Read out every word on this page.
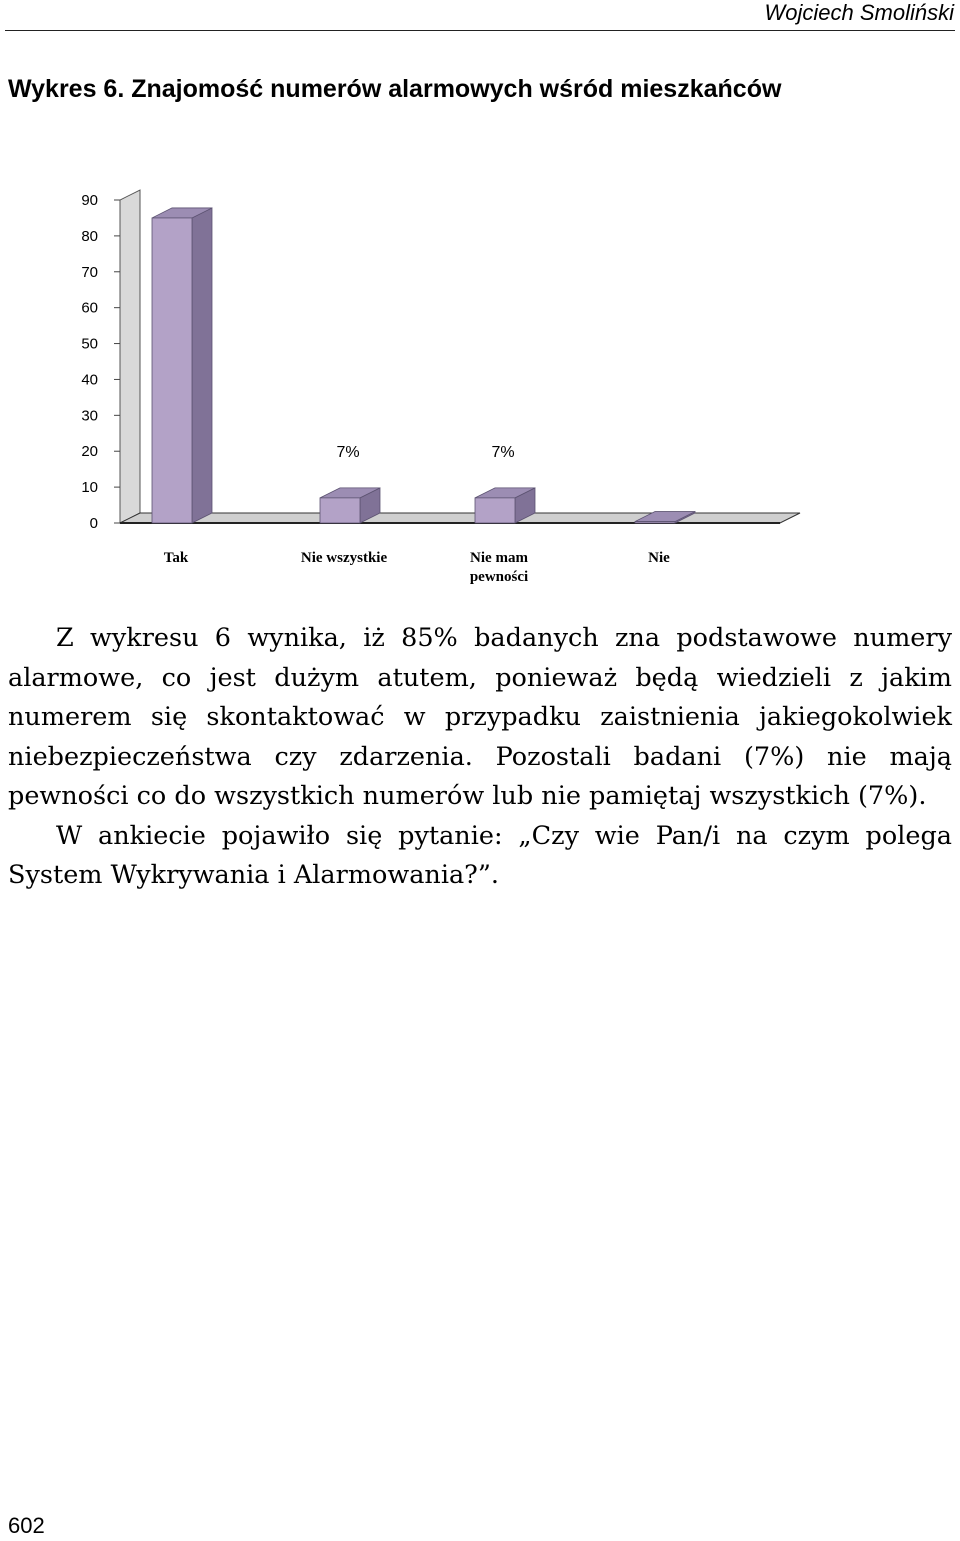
Wojciech Smoliński
Wykres 6. Znajomość numerów alarmowych wśród mieszkańców
0
10
20
30
40
50
60
70
80
90
7%	7%
Tak	Nie wszystkie	Nie mam pewności
Nie

Z wykresu 6 wynika, iż 85% badanych zna podstawowe numery alarmowe, co jest dużym atutem, ponieważ będą wiedzieli z jakim numerem się skontaktować w przypadku zaistnienia jakiegokolwiek niebezpieczeństwa czy zdarzenia. Pozostali badani (7%) nie mają pewności co do wszystkich numerów lub nie pamiętaj wszystkich (7%).

W ankiecie pojawiło się pytanie: „Czy wie Pan/i na czym polega System Wykrywania i Alarmowania?”.

602
